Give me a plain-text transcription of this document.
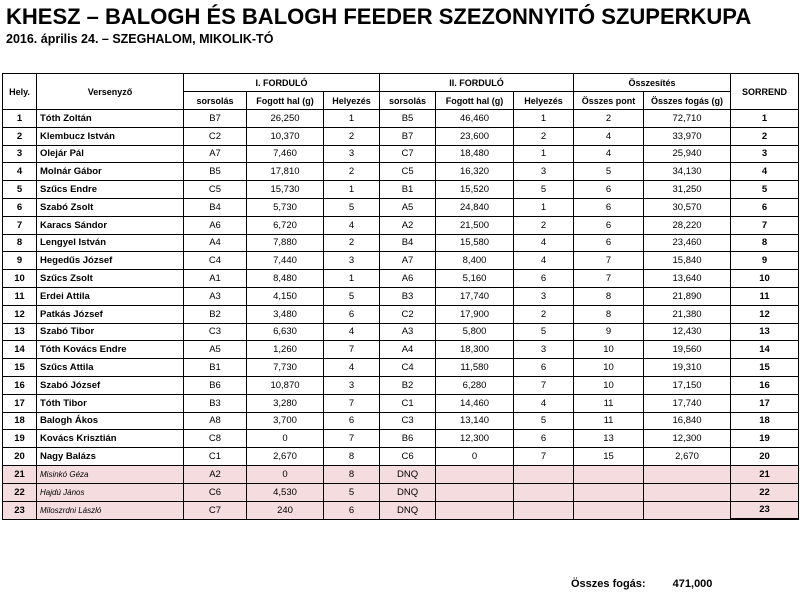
KHESZ – BALOGH ÉS BALOGH FEEDER SZEZONNYITÓ SZUPERKUPA
2016. április 24. – SZEGHALOM, MIKOLIK-TÓ
Hely.	Versenyző	I. FORDULÓ			II. FORDULÓ			Összesítés		SORREND
		sorsolás	Fogott hal (g)	Helyezés	sorsolás	Fogott hal (g)	Helyezés	Összes pont	Összes fogás (g)	
1	Tóth Zoltán	B7	26,250	1	B5	46,460	1	2	72,710	1
2	Klembucz István	C2	10,370	2	B7	23,600	2	4	33,970	2
3	Olejár Pál	A7	7,460	3	C7	18,480	1	4	25,940	3
4	Molnár Gábor	B5	17,810	2	C5	16,320	3	5	34,130	4
5	Szűcs Endre	C5	15,730	1	B1	15,520	5	6	31,250	5
6	Szabó Zsolt	B4	5,730	5	A5	24,840	1	6	30,570	6
7	Karacs Sándor	A6	6,720	4	A2	21,500	2	6	28,220	7
8	Lengyel István	A4	7,880	2	B4	15,580	4	6	23,460	8
9	Hegedűs József	C4	7,440	3	A7	8,400	4	7	15,840	9
10	Szűcs Zsolt	A1	8,480	1	A6	5,160	6	7	13,640	10
11	Erdei Attila	A3	4,150	5	B3	17,740	3	8	21,890	11
12	Patkás József	B2	3,480	6	C2	17,900	2	8	21,380	12
13	Szabó Tibor	C3	6,630	4	A3	5,800	5	9	12,430	13
14	Tóth Kovács Endre	A5	1,260	7	A4	18,300	3	10	19,560	14
15	Szűcs Attila	B1	7,730	4	C4	11,580	6	10	19,310	15
16	Szabó József	B6	10,870	3	B2	6,280	7	10	17,150	16
17	Tóth Tibor	B3	3,280	7	C1	14,460	4	11	17,740	17
18	Balogh Ákos	A8	3,700	6	C3	13,140	5	11	16,840	18
19	Kovács Krisztián	C8	0	7	B6	12,300	6	13	12,300	19
20	Nagy Balázs	C1	2,670	8	C6	0	7	15	2,670	20
21	Misinkó Géza	A2	0	8	DNQ					21
22	Hajdú János	C6	4,530	5	DNQ					22
23	Miloszrdni László	C7	240	6	DNQ					23
Összes fogás: 471,000
